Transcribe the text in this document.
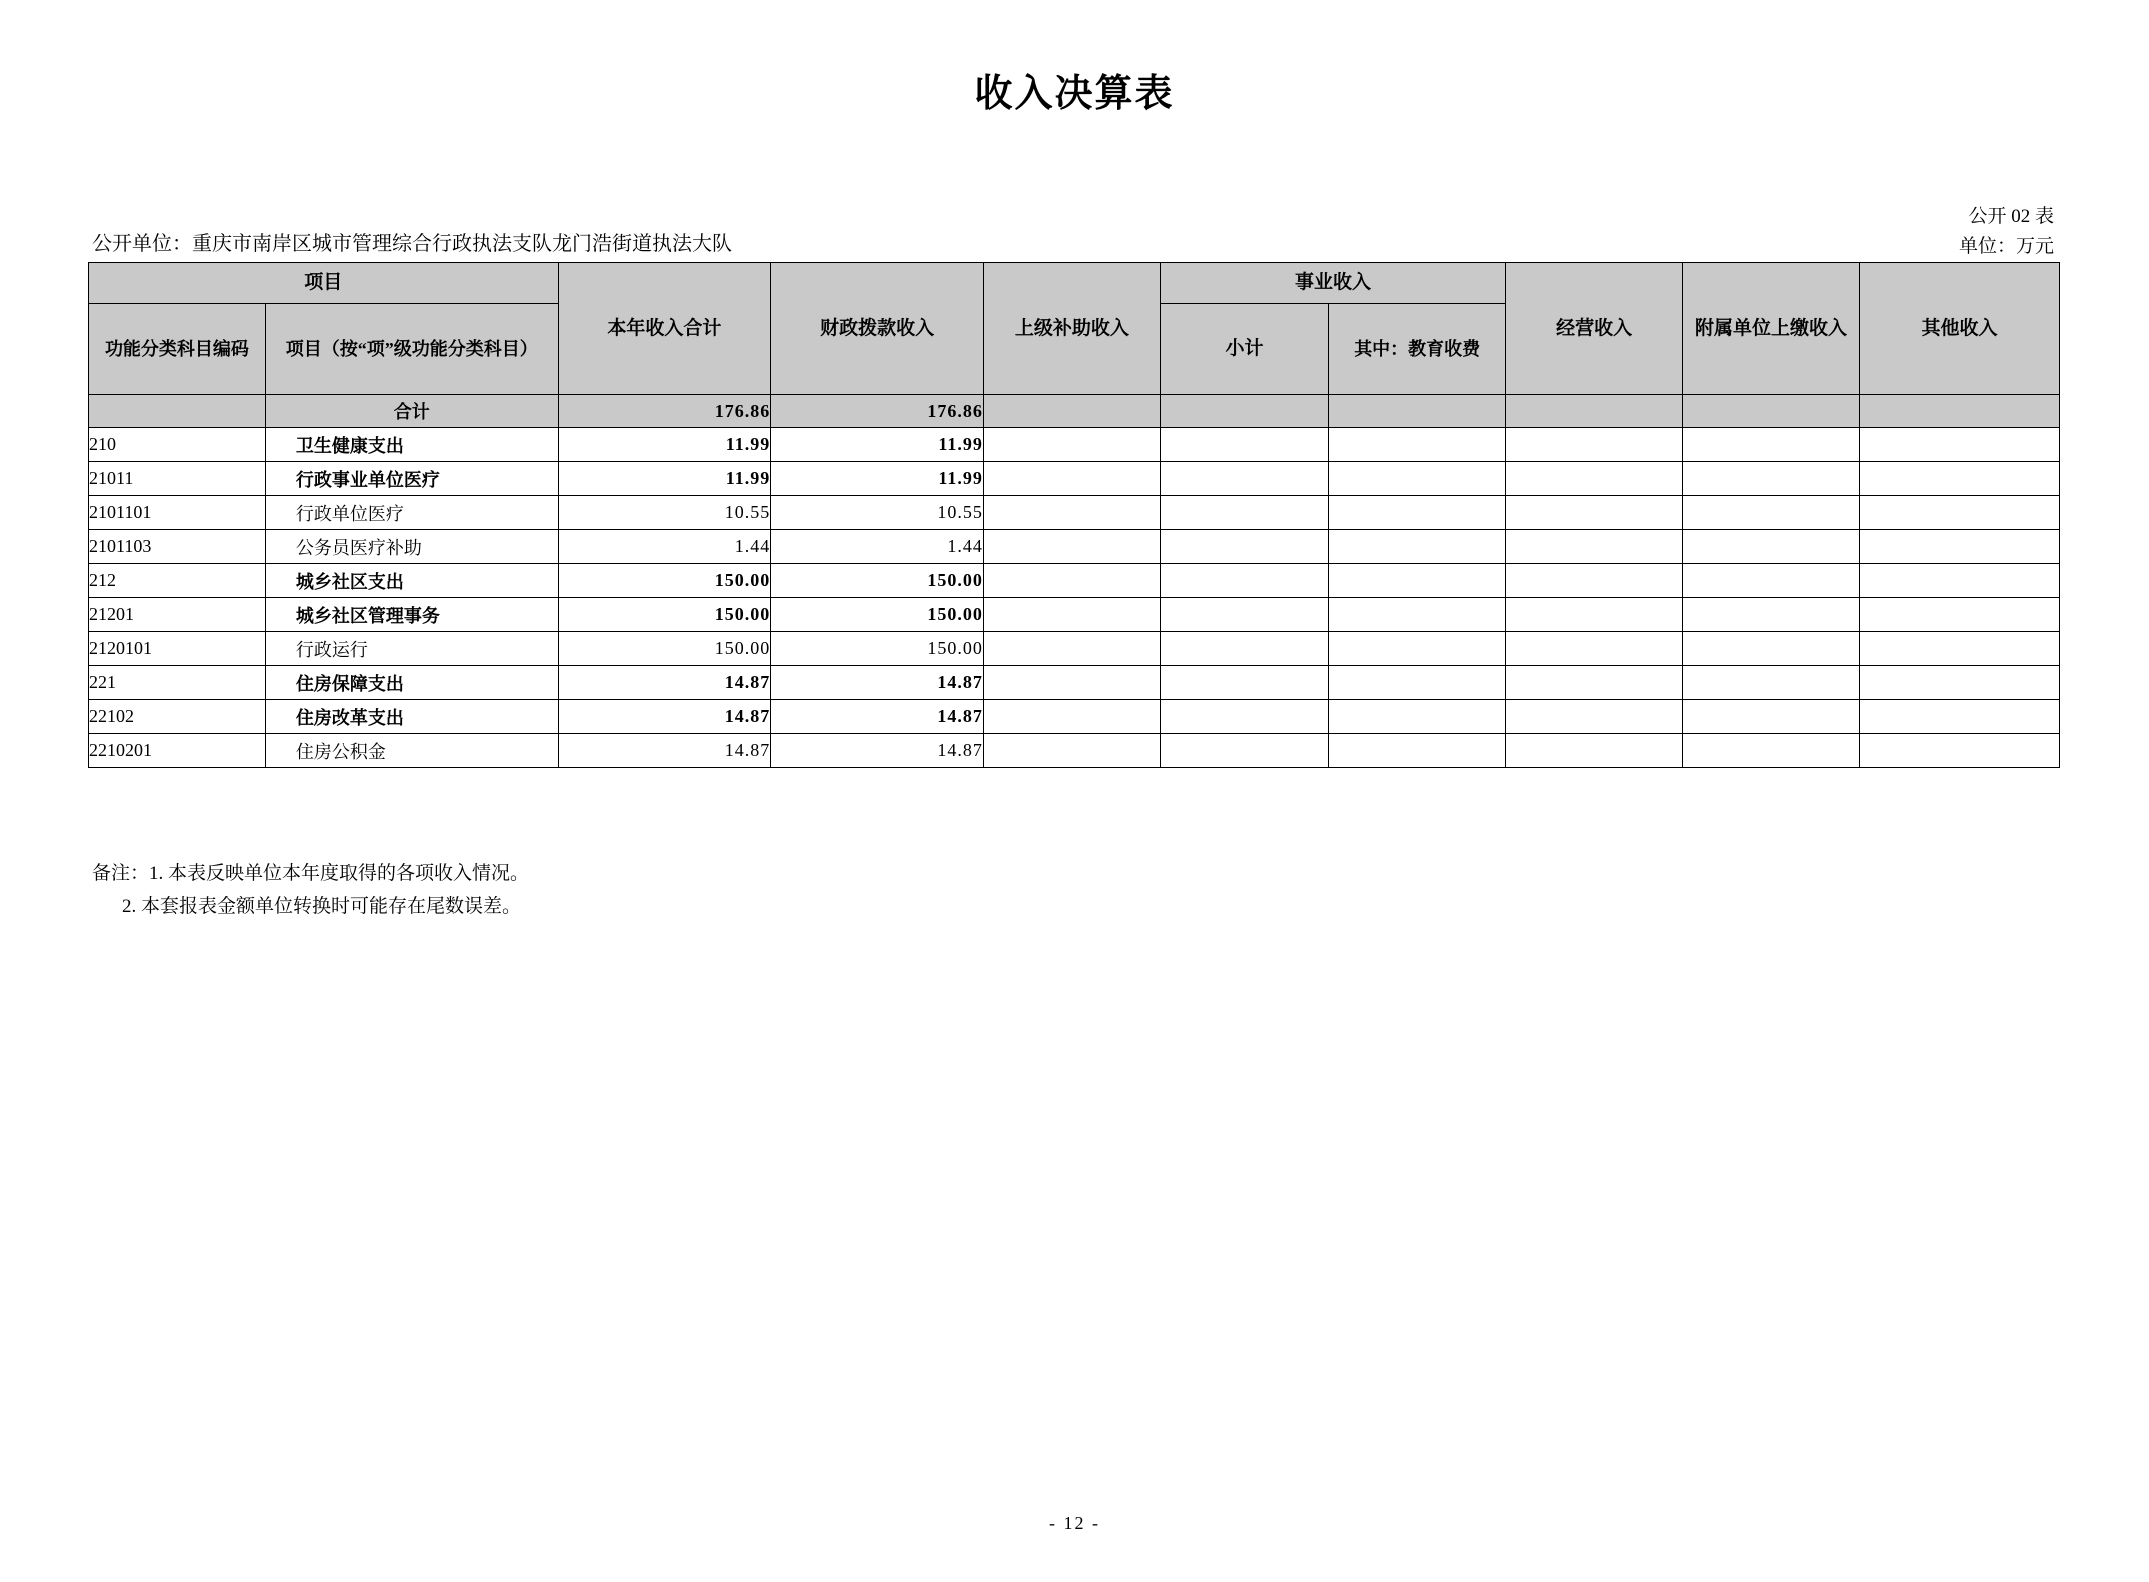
收入决算表
公开 02 表
单位：万元
公开单位：重庆市南岸区城市管理综合行政执法支队龙门浩街道执法大队
项目		本年收入合计	财政拨款收入	上级补助收入	事业收入		经营收入	附属单位上缴收入	其他收入
功能分类科目编码	项目（按“项”级功能分类科目）				小计	其中：教育收费			
	合计	176.86	176.86						
210	卫生健康支出	11.99	11.99						
21011	行政事业单位医疗	11.99	11.99						
2101101	行政单位医疗	10.55	10.55						
2101103	公务员医疗补助	1.44	1.44						
212	城乡社区支出	150.00	150.00						
21201	城乡社区管理事务	150.00	150.00						
2120101	行政运行	150.00	150.00						
221	住房保障支出	14.87	14.87						
22102	住房改革支出	14.87	14.87						
2210201	住房公积金	14.87	14.87						
备注：1. 本表反映单位本年度取得的各项收入情况。
2. 本套报表金额单位转换时可能存在尾数误差。
- 12 -
